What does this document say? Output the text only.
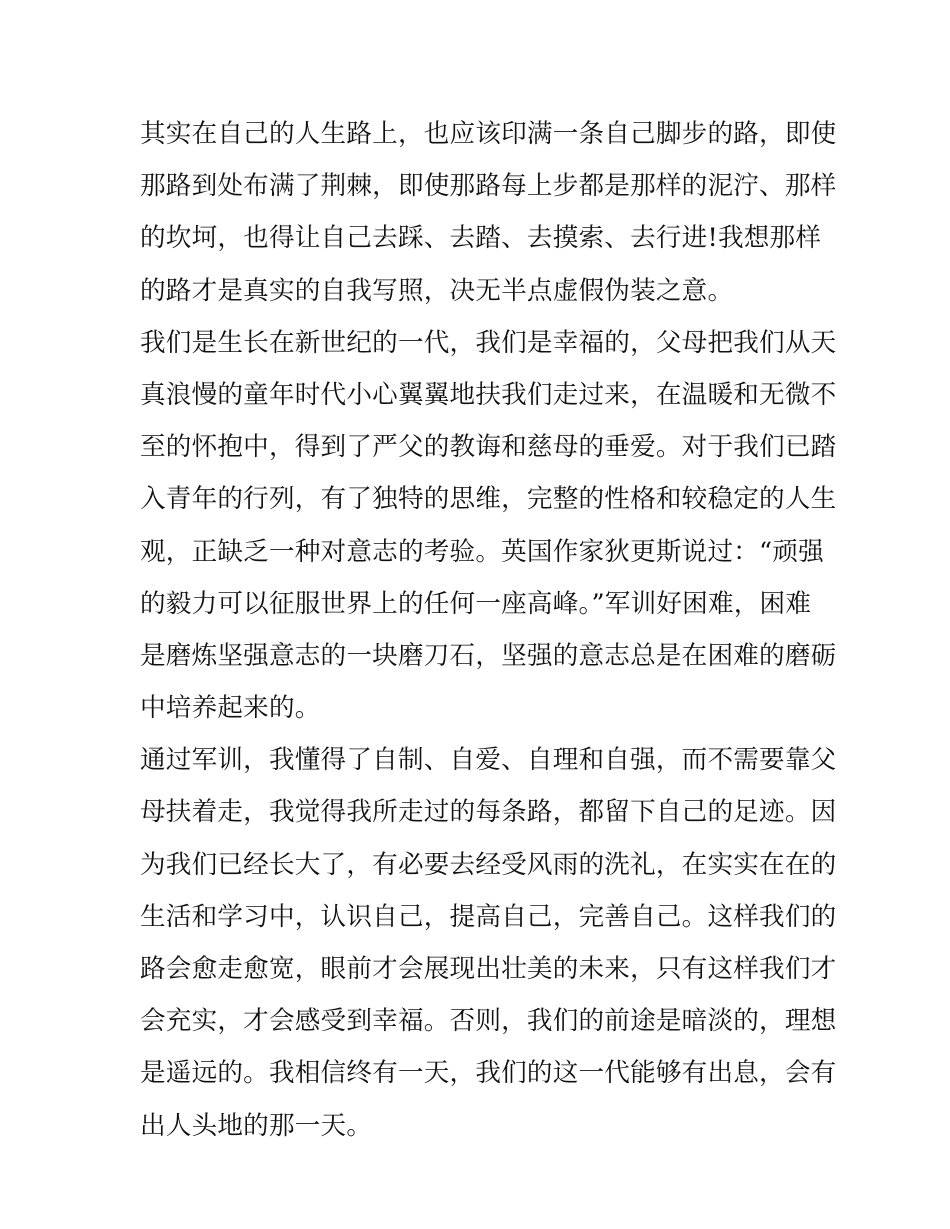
其实在自己的人生路上，也应该印满一条自己脚步的路，即使
那路到处布满了荆棘，即使那路每上步都是那样的泥泞、那样
的坎坷，也得让自己去踩、去踏、去摸索、去行进!我想那样
的路才是真实的自我写照，决无半点虚假伪装之意。
我们是生长在新世纪的一代，我们是幸福的，父母把我们从天
真浪慢的童年时代小心翼翼地扶我们走过来，在温暖和无微不
至的怀抱中，得到了严父的教诲和慈母的垂爱。对于我们已踏
入青年的行列，有了独特的思维，完整的性格和较稳定的人生
观，正缺乏一种对意志的考验。英国作家狄更斯说过：“顽强
的毅力可以征服世界上的任何一座高峰。”军训好困难，困难
是磨炼坚强意志的一块磨刀石，坚强的意志总是在困难的磨砺
中培养起来的。
通过军训，我懂得了自制、自爱、自理和自强，而不需要靠父
母扶着走，我觉得我所走过的每条路，都留下自己的足迹。因
为我们已经长大了，有必要去经受风雨的洗礼，在实实在在的
生活和学习中，认识自己，提高自己，完善自己。这样我们的
路会愈走愈宽，眼前才会展现出壮美的未来，只有这样我们才
会充实，才会感受到幸福。否则，我们的前途是暗淡的，理想
是遥远的。我相信终有一天，我们的这一代能够有出息，会有
出人头地的那一天。
